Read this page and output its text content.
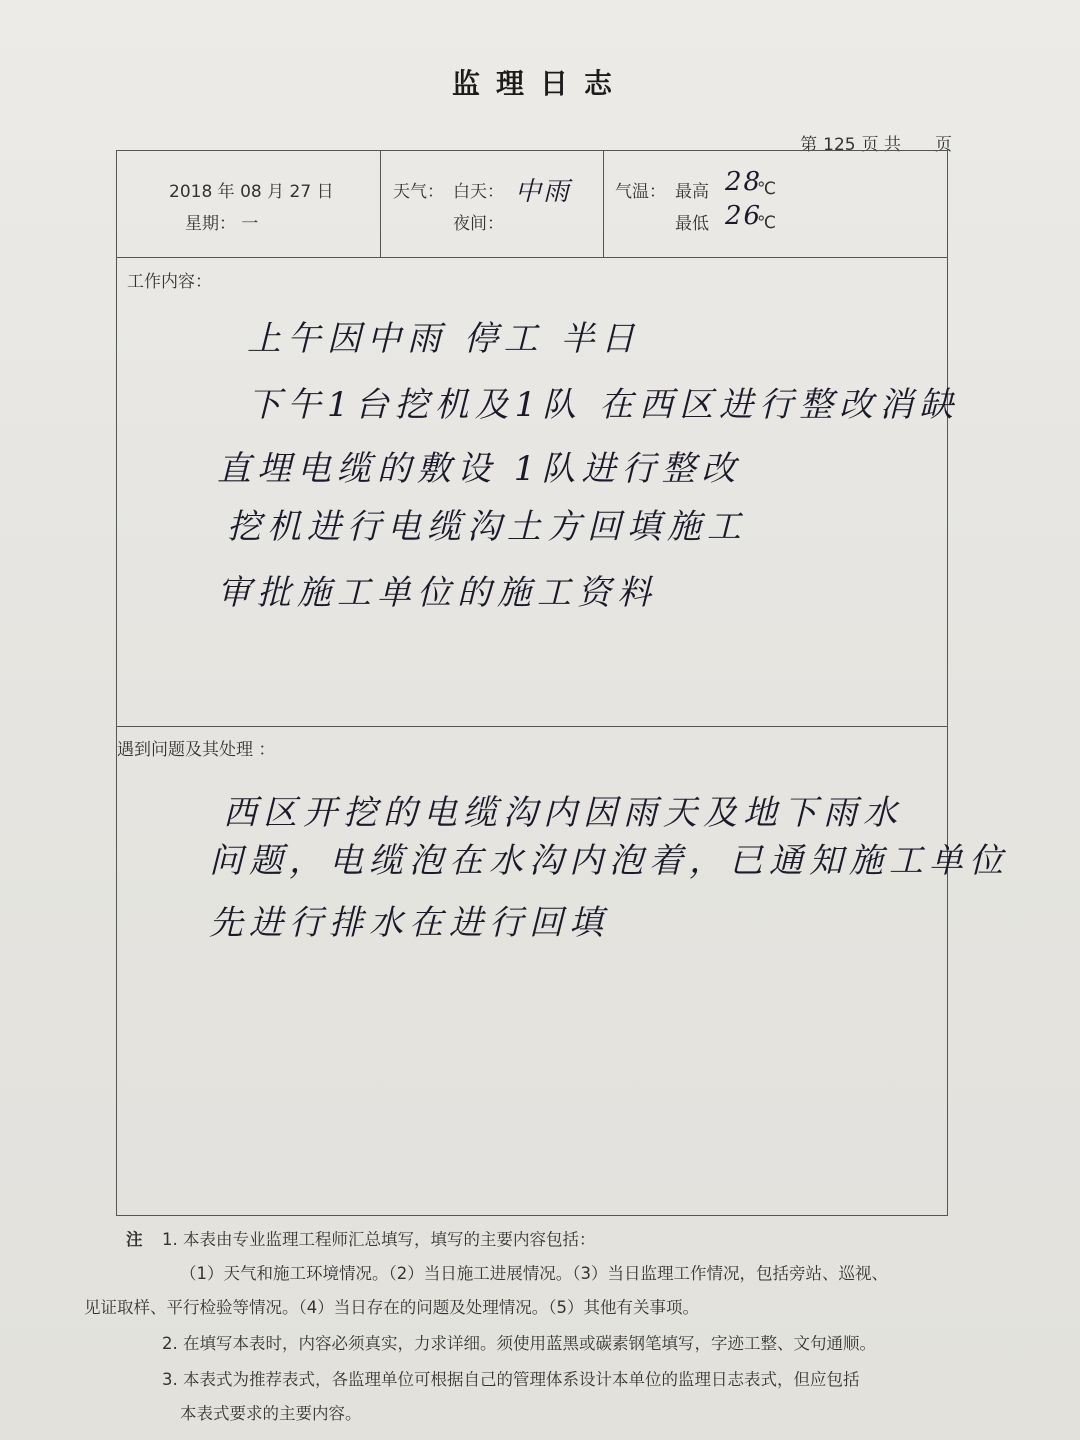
监理日志
第 125 页 共 页
2018 年 08 月 27 日
星期： 一
天气： 白天： 中雨
夜间：
气温： 最高 28
℃
最低 26
℃
工作内容：
上午因中雨 停工 半日
下午1台挖机及1队 在西区进行整改消缺
直埋电缆的敷设 1队进行整改
挖机进行电缆沟土方回填施工
审批施工单位的施工资料
遇到问题及其处理 ：
西区开挖的电缆沟内因雨天及地下雨水
问题，电缆泡在水沟内泡着，已通知施工单位
先进行排水在进行回填
注 1. 本表由专业监理工程师汇总填写，填写的主要内容包括：
（1）天气和施工环境情况。（2）当日施工进展情况。（3）当日监理工作情况，包括旁站、巡视、
见证取样、平行检验等情况。（4）当日存在的问题及处理情况。（5）其他有关事项。
2. 在填写本表时，内容必须真实，力求详细。须使用蓝黑或碳素钢笔填写，字迹工整、文句通顺。
3. 本表式为推荐表式，各监理单位可根据自己的管理体系设计本单位的监理日志表式，但应包括
本表式要求的主要内容。
